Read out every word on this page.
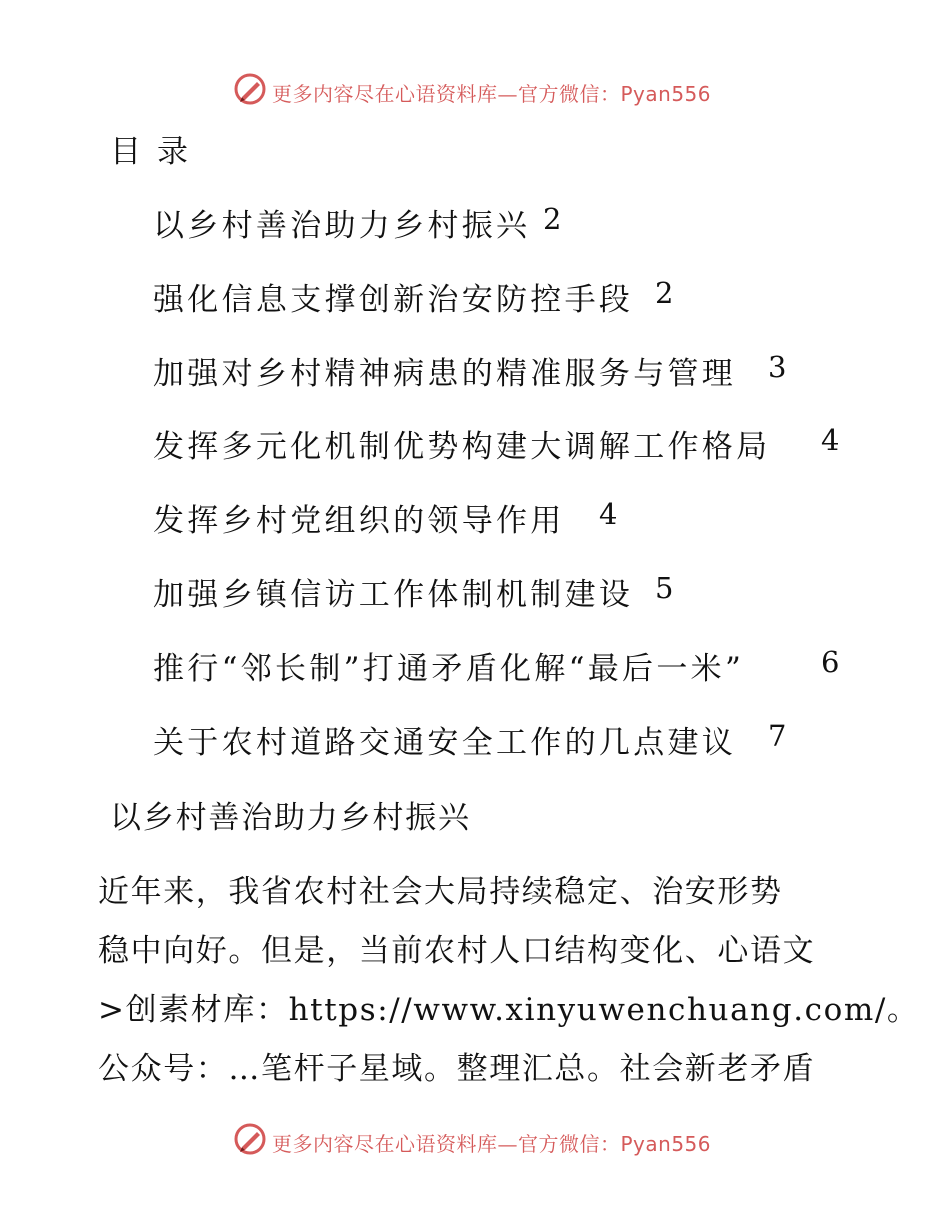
更多内容尽在心语资料库—官方微信：Pyan556
目录
以乡村善治助力乡村振兴 2
强化信息支撑创新治安防控手段 2
加强对乡村精神病患的精准服务与管理 3
发挥多元化机制优势构建大调解工作格局 4
发挥乡村党组织的领导作用 4
加强乡镇信访工作体制机制建设 5
推行“邻长制”打通矛盾化解“最后一米”	6
关于农村道路交通安全工作的几点建议 7
以乡村善治助力乡村振兴
近年来，我省农村社会大局持续稳定、治安形势
稳中向好。但是，当前农村人口结构变化、心语文
>创素材库：https://www.xinyuwenchuang.com/。
公众号：…笔杆子星域。整理汇总。社会新老矛盾
更多内容尽在心语资料库—官方微信：Pyan556
